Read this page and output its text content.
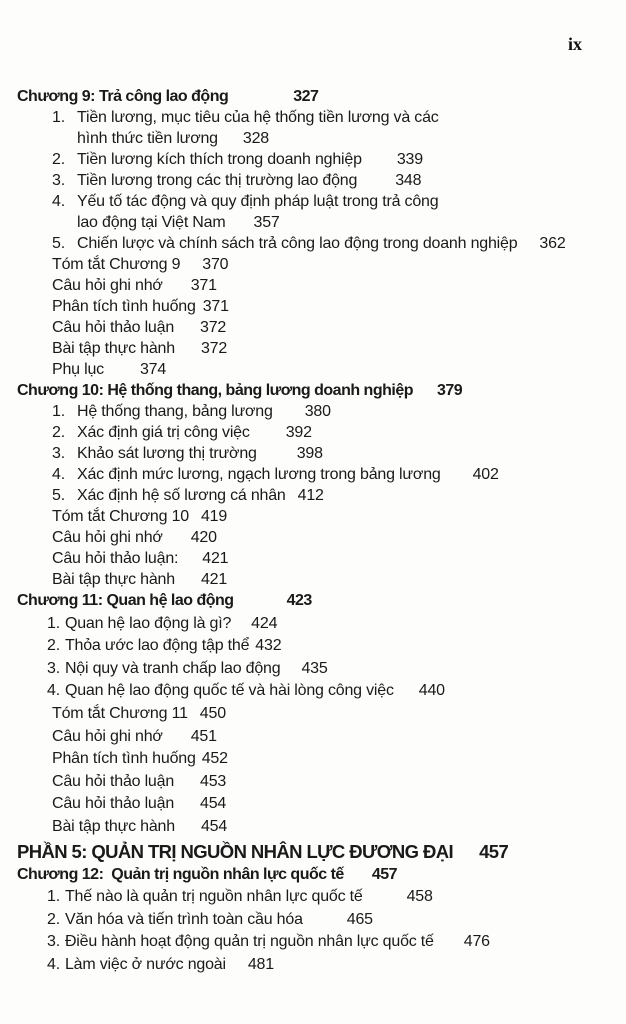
ix
Chương 9: Trả công lao động	327
1. Tiền lương, mục tiêu của hệ thống tiền lương và các
hình thức tiền lương 328
2. Tiền lương kích thích trong doanh nghiệp 339
3. Tiền lương trong các thị trường lao động 348
4. Yếu tố tác động và quy định pháp luật trong trả công
lao động tại Việt Nam 357
5. Chiến lược và chính sách trả công lao động trong doanh nghiệp 362
Tóm tắt Chương 9 370
Câu hỏi ghi nhớ 371
Phân tích tình huống 371
Câu hỏi thảo luận 372
Bài tập thực hành 372
Phụ lục 374
Chương 10: Hệ thống thang, bảng lương doanh nghiệp 379
1. Hệ thống thang, bảng lương 380
2. Xác định giá trị công việc 392
3. Khảo sát lương thị trường	398
4. Xác định mức lương, ngạch lương trong bảng lương 402
5. Xác định hệ số lương cá nhân 412
Tóm tắt Chương 10 419
Câu hỏi ghi nhớ 420
Câu hỏi thảo luận: 421
Bài tập thực hành 421
Chương 11: Quan hệ lao động	423
1. Quan hệ lao động là gì? 424
2. Thỏa ước lao động tập thể 432
3. Nội quy và tranh chấp lao động 435
4. Quan hệ lao động quốc tế và hài lòng công việc 440
Tóm tắt Chương 11 450
Câu hỏi ghi nhớ 451
Phân tích tình huống 452
Câu hỏi thảo luận 453
Câu hỏi thảo luận 454
Bài tập thực hành 454
PHẦN 5: QUẢN TRỊ NGUỒN NHÂN LỰC ĐƯƠNG ĐẠI 457
Chương 12:  Quản trị nguồn nhân lực quốc tế 457
1. Thế nào là quản trị nguồn nhân lực quốc tế	458
2. Văn hóa và tiến trình toàn cầu hóa	465
3. Điều hành hoạt động quản trị nguồn nhân lực quốc tế 476
4. Làm việc ở nước ngoài 481
